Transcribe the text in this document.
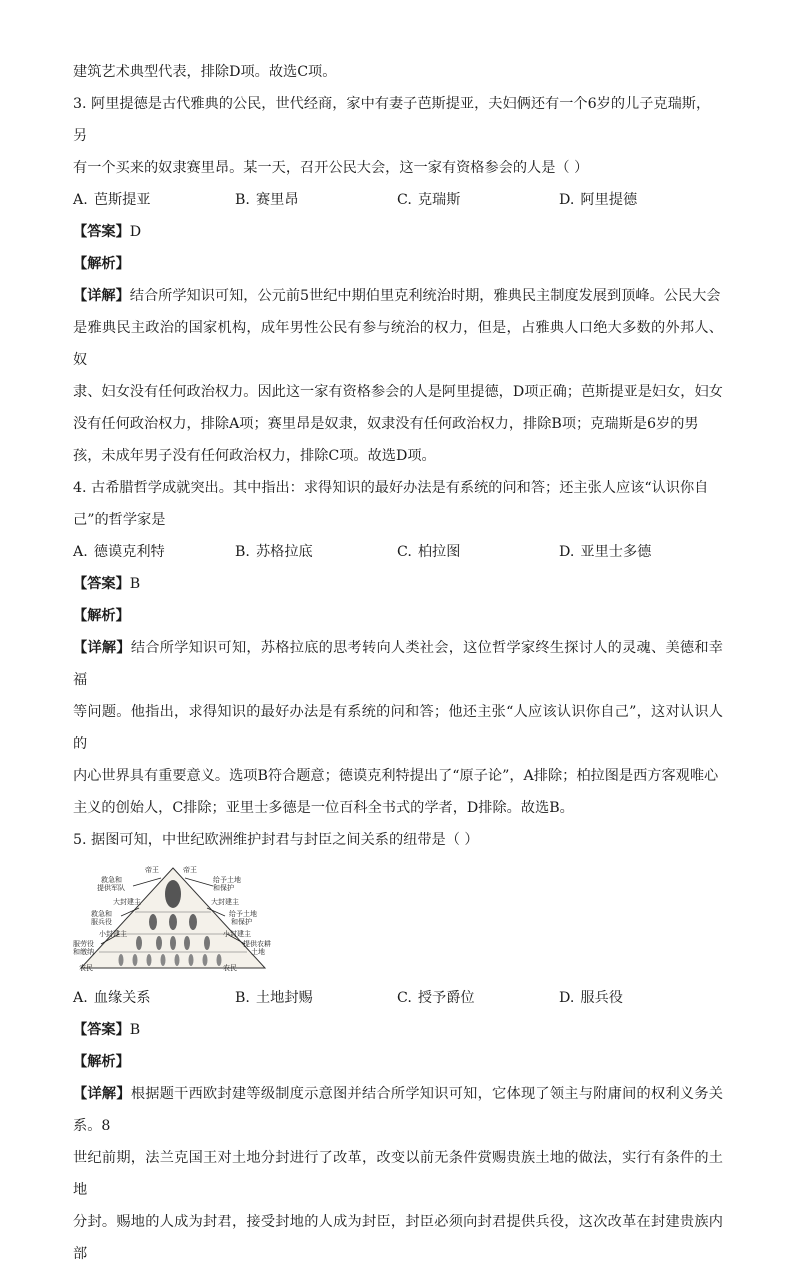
建筑艺术典型代表，排除D项。故选C项。

3. 阿里提德是古代雅典的公民，世代经商，家中有妻子芭斯提亚，夫妇俩还有一个6岁的儿子克瑞斯，另

有一个买来的奴隶赛里昂。某一天，召开公民大会，这一家有资格参会的人是（ ）

A. 芭斯提亚	B. 赛里昂	C. 克瑞斯	D. 阿里提德
【答案】D
【解析】

【详解】结合所学知识可知，公元前5世纪中期伯里克利统治时期，雅典民主制度发展到顶峰。公民大会

是雅典民主政治的国家机构，成年男性公民有参与统治的权力，但是，占雅典人口绝大多数的外邦人、奴

隶、妇女没有任何政治权力。因此这一家有资格参会的人是阿里提德，D项正确；芭斯提亚是妇女，妇女

没有任何政治权力，排除A项；赛里昂是奴隶，奴隶没有任何政治权力，排除B项；克瑞斯是6岁的男

孩，未成年男子没有任何政治权力，排除C项。故选D项。

4. 古希腊哲学成就突出。其中指出：求得知识的最好办法是有系统的问和答；还主张人应该“认识你自

己”的哲学家是

A. 德谟克利特	B. 苏格拉底	C. 柏拉图	D. 亚里士多德
【答案】B
【解析】

【详解】结合所学知识可知，苏格拉底的思考转向人类社会，这位哲学家终生探讨人的灵魂、美德和幸福

等问题。他指出，求得知识的最好办法是有系统的问和答；他还主张“人应该认识你自己”，这对认识人的

内心世界具有重要意义。选项B符合题意；德谟克利特提出了“原子论”，A排除；柏拉图是西方客观唯心

主义的创始人，C排除；亚里士多德是一位百科全书式的学者，D排除。故选B。

5. 据图可知，中世纪欧洲维护封君与封臣之间关系的纽带是（ ）

帝王	帝王
救急和
提供军队
大封建主
救急和
服兵役
小封建主
服劳役
和缴纳
农民
给予土地
和保护
大封建主
给予土地
和保护
小封建主
提供农耕
土地
农民
A. 血缘关系	B. 土地封赐	C. 授予爵位	D. 服兵役
【答案】B
【解析】

【详解】根据题干西欧封建等级制度示意图并结合所学知识可知，它体现了领主与附庸间的权利义务关系。8

世纪前期，法兰克国王对土地分封进行了改革，改变以前无条件赏赐贵族土地的做法，实行有条件的土地

分封。赐地的人成为封君，接受封地的人成为封臣，封臣必须向封君提供兵役，这次改革在封建贵族内部
